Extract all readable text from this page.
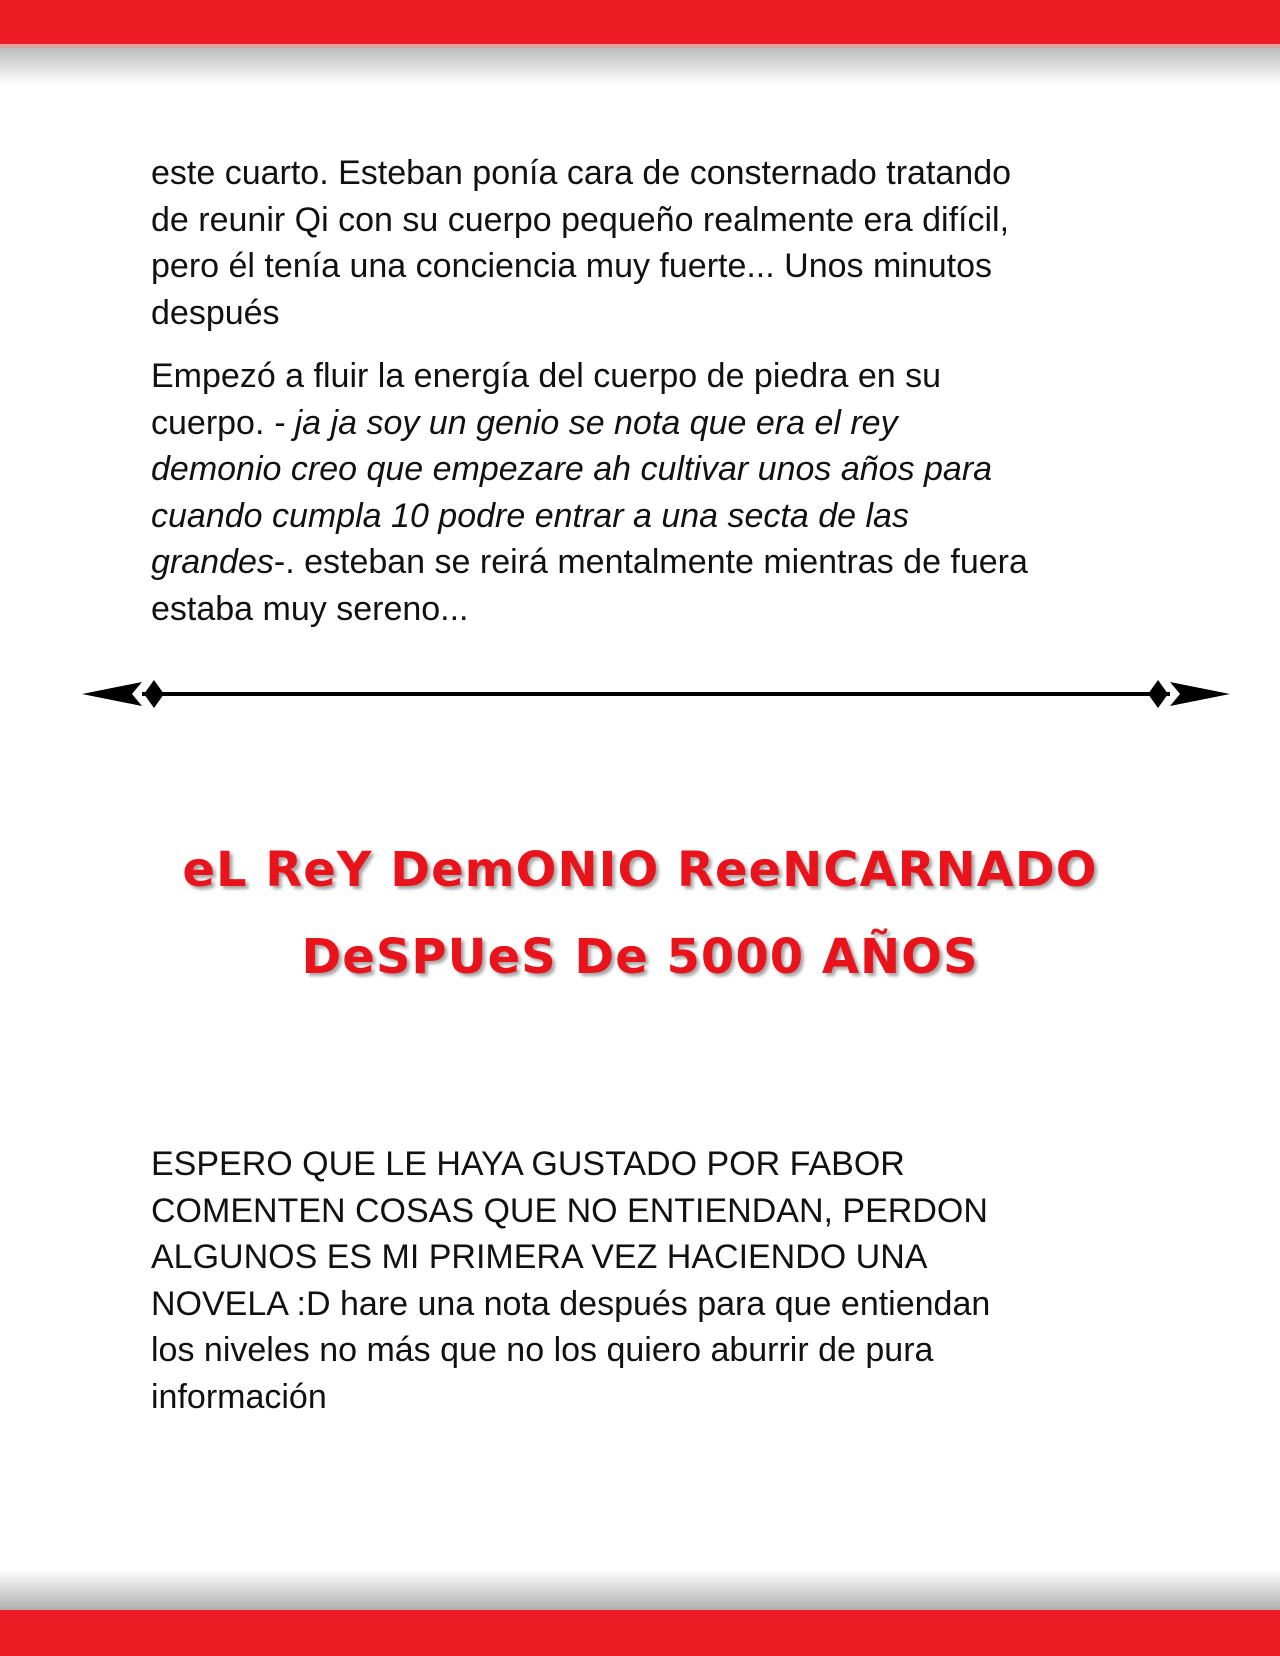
este cuarto. Esteban ponía cara de consternado tratando
de reunir Qi con su cuerpo pequeño realmente era difícil,
pero él tenía una conciencia muy fuerte... Unos minutos
después
Empezó a fluir la energía del cuerpo de piedra en su
cuerpo. - ja ja soy un genio se nota que era el rey
demonio creo que empezare ah cultivar unos años para
cuando cumpla 10 podre entrar a una secta de las
grandes-. esteban se reirá mentalmente mientras de fuera
estaba muy sereno...
eL ReY DemONIO ReeNCARNADO
DeSPUeS De 5000 AÑOS
ESPERO QUE LE HAYA GUSTADO POR FABOR
COMENTEN COSAS QUE NO ENTIENDAN, PERDON
ALGUNOS ES MI PRIMERA VEZ HACIENDO UNA
NOVELA :D hare una nota después para que entiendan
los niveles no más que no los quiero aburrir de pura
información
